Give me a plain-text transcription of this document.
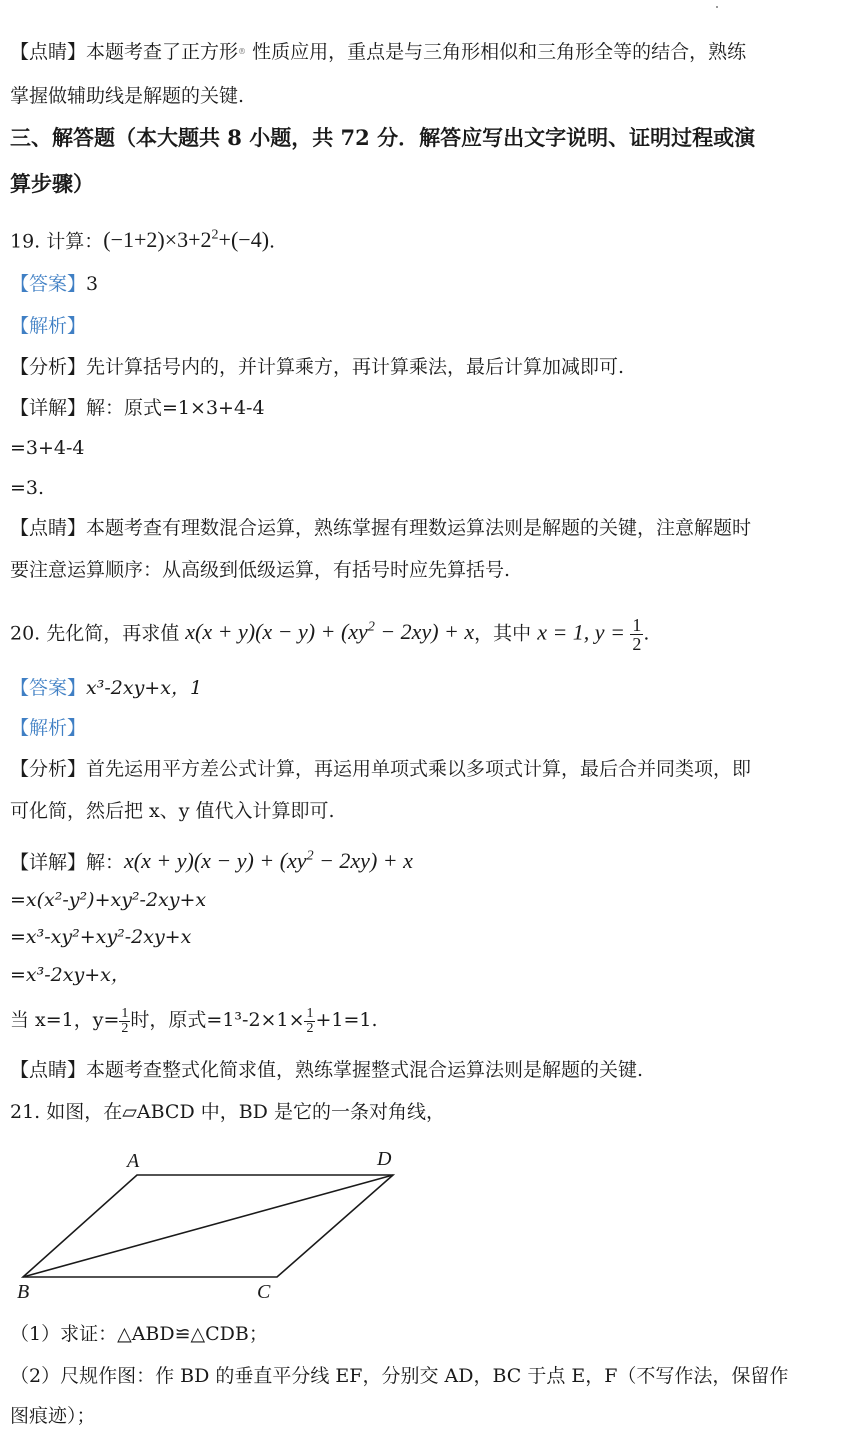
【点睛】本题考查了正方形® 性质应用，重点是与三角形相似和三角形全等的结合，熟练
掌握做辅助线是解题的关键.
三、解答题（本大题共 8 小题，共 72 分．解答应写出文字说明、证明过程或演
算步骤）
19. 计算：$(-1+2)\times 3+2^2+(-4)$.
【答案】3
【解析】
【分析】先计算括号内的，并计算乘方，再计算乘法，最后计算加减即可.
【详解】解：原式=1×3+4-4
=3+4-4
=3.
【点睛】本题考查有理数混合运算，熟练掌握有理数运算法则是解题的关键，注意解题时
要注意运算顺序：从高级到低级运算，有括号时应先算括号.
20. 先化简，再求值 $x(x + y)(x - y) + (xy^2 - 2xy) + x$，其中 x = 1, $y = \frac{1}{2}$ .
【答案】x³-2xy+x，1
【解析】
【分析】首先运用平方差公式计算，再运用单项式乘以多项式计算，最后合并同类项，即
可化简，然后把 x、y 值代入计算即可.
【详解】解：$x(x + y)(x - y) + (xy^2 - 2xy) + x$
=x(x²-y²)+xy²-2xy+x
=x³-xy²+xy²-2xy+x
=x³-2xy+x，
当 x=1，$y= \frac{1}{2}$ 时，原式$=1^3-2\times 1\times \frac{1}{2} +1=1$.
【点睛】本题考查整式化简求值，熟练掌握整式混合运算法则是解题的关键.
21. 如图，在▱ABCD 中，BD 是它的一条对角线，
A	D
B	C
（1）求证：△ABD≌△CDB；
（2）尺规作图：作 BD 的垂直平分线 EF，分别交 AD，BC 于点 E，F（不写作法，保留作
图痕迹）；
